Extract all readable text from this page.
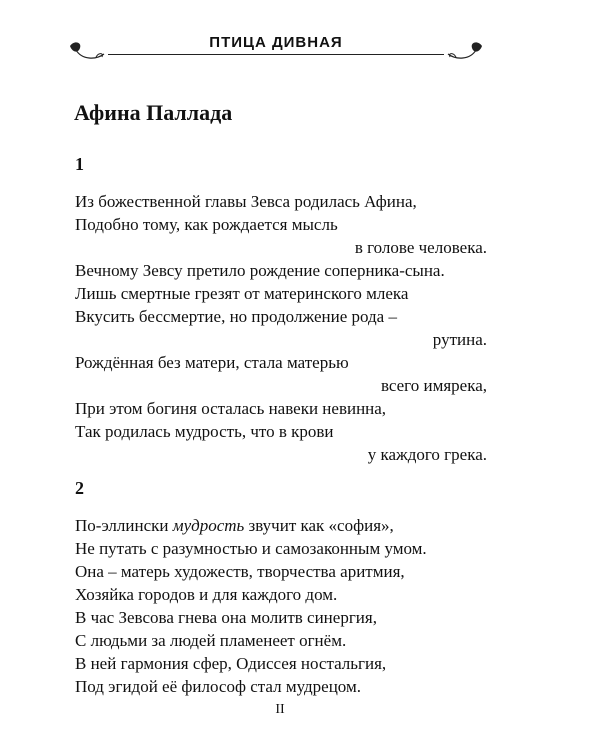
ПТИЦА ДИВНАЯ
Афина Паллада
1
Из божественной главы Зевса родилась Афина,
Подобно тому, как рождается мысль
в голове человека.
Вечному Зевсу претило рождение соперника-сына.
Лишь смертные грезят от материнского млека
Вкусить бессмертие, но продолжение рода –
рутина.
Рождённая без матери, стала матерью
всего имярека,
При этом богиня осталась навеки невинна,
Так родилась мудрость, что в крови
у каждого грека.
2
По-эллински мудрость звучит как «софия»,
Не путать с разумностью и самозаконным умом.
Она – матерь художеств, творчества аритмия,
Хозяйка городов и для каждого дом.
В час Зевсова гнева она молитв синергия,
С людьми за людей пламенеет огнём.
В ней гармония сфер, Одиссея ностальгия,
Под эгидой её философ стал мудрецом.
II
